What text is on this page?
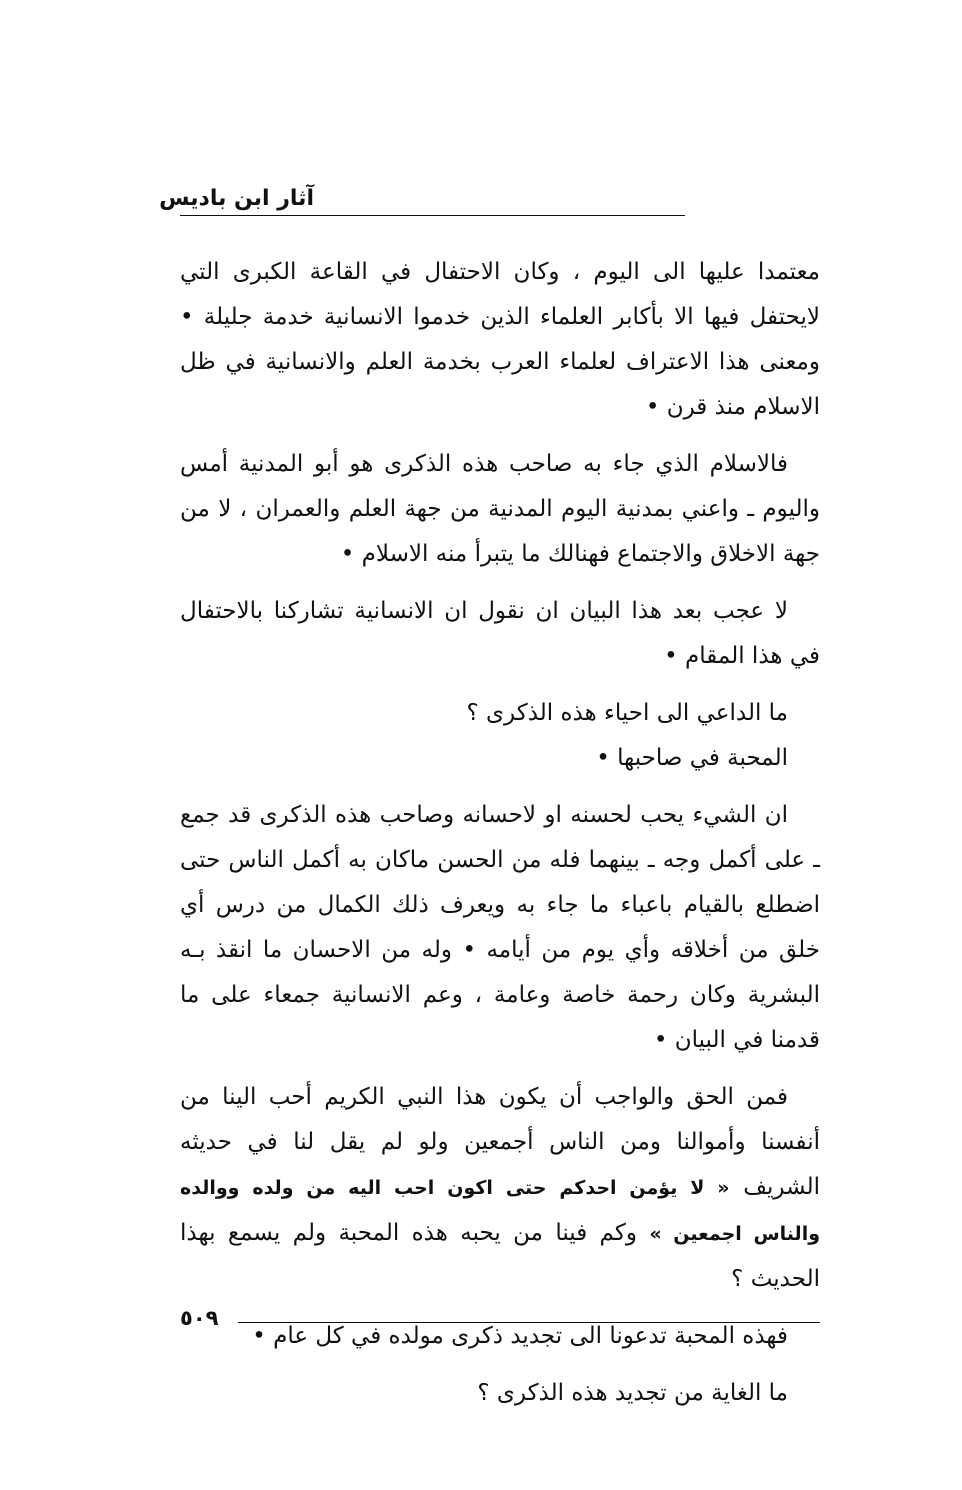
آثار ابن باديس

معتمدا عليها الى اليوم ، وكان الاحتفال في القاعة الكبرى التي لايحتفل فيها الا بأكابر العلماء الذين خدموا الانسانية خدمة جليلة • ومعنى هذا الاعتراف لعلماء العرب بخدمة العلم والانسانية في ظل الاسلام منذ قرن •

فالاسلام الذي جاء به صاحب هذه الذكرى هو أبو المدنية أمس واليوم ـ واعني بمدنية اليوم المدنية من جهة العلم والعمران ، لا من جهة الاخلاق والاجتماع فهنالك ما يتبرأ منه الاسلام •

لا عجب بعد هذا البيان ان نقول ان الانسانية تشاركنا بالاحتفال في هذا المقام •

ما الداعي الى احياء هذه الذكرى ؟

المحبة في صاحبها •

ان الشيء يحب لحسنه او لاحسانه وصاحب هذه الذكرى قد جمع ـ على أكمل وجه ـ بينهما فله من الحسن ماكان به أكمل الناس حتى اضطلع بالقيام باعباء ما جاء به ويعرف ذلك الكمال من درس أي خلق من أخلاقه وأي يوم من أيامه • وله من الاحسان ما انقذ بـه البشرية وكان رحمة خاصة وعامة ، وعم الانسانية جمعاء على ما قدمنا في البيان •

فمن الحق والواجب أن يكون هذا النبي الكريم أحب الينا من أنفسنا وأموالنا ومن الناس أجمعين ولو لم يقل لنا في حديثه الشريف « لا يؤمن احدكم حتى اكون احب اليه من ولده ووالده والناس اجمعين » وكم فينا من يحبه هذه المحبة ولم يسمع بهذا الحديث ؟

فهذه المحبة تدعونا الى تجديد ذكرى مولده في كل عام •

ما الغاية من تجديد هذه الذكرى ؟

٥٠٩
